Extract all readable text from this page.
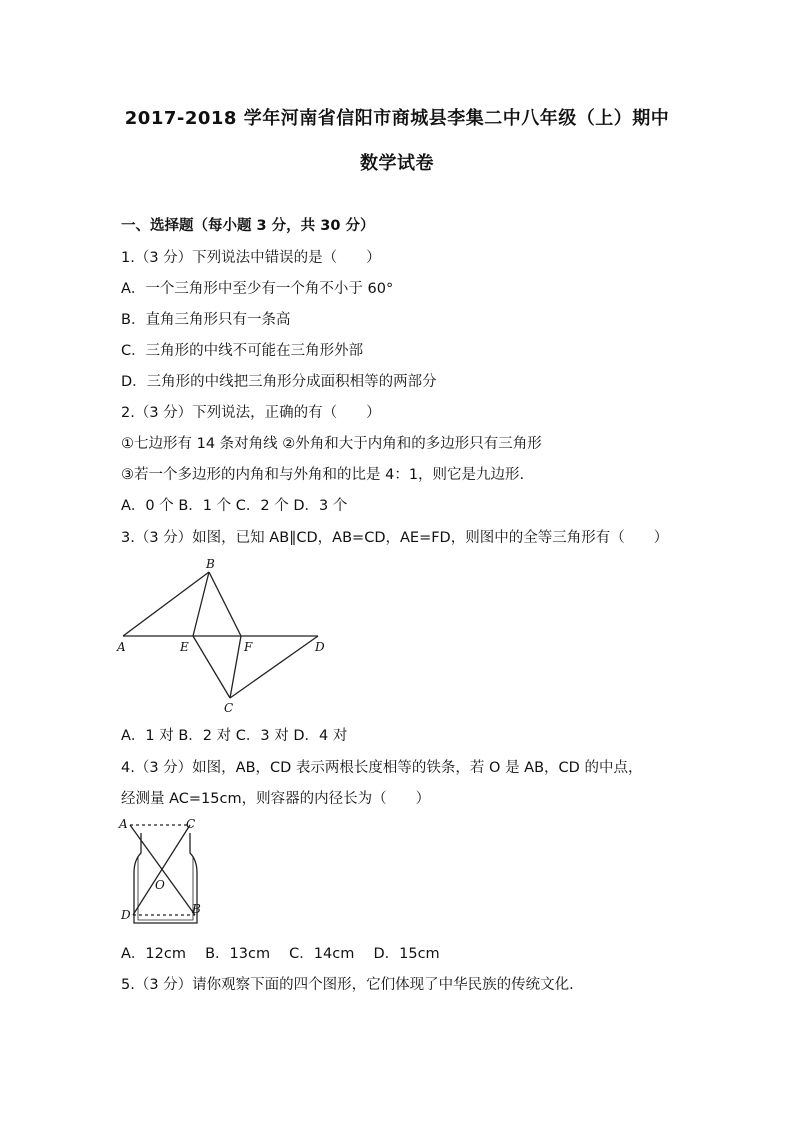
2017-2018 学年河南省信阳市商城县李集二中八年级（上）期中
数学试卷
一、选择题（每小题 3 分，共 30 分）
1.（3 分）下列说法中错误的是（　　）
A．一个三角形中至少有一个角不小于 60°
B．直角三角形只有一条高
C．三角形的中线不可能在三角形外部
D．三角形的中线把三角形分成面积相等的两部分
2.（3 分）下列说法，正确的有（　　）
①七边形有 14 条对角线 ②外角和大于内角和的多边形只有三角形
③若一个多边形的内角和与外角和的比是 4：1，则它是九边形.
A．0 个 B．1 个 C．2 个 D．3 个
3.（3 分）如图，已知 AB∥CD，AB=CD，AE=FD，则图中的全等三角形有（　　）
A
B
E	F	D
C
A．1 对 B．2 对 C．3 对 D．4 对
4.（3 分）如图，AB，CD 表示两根长度相等的铁条，若 O 是 AB，CD 的中点，
经测量 AC=15cm，则容器的内径长为（　　）
A	C
O
D	B
A．12cm　 B．13cm　 C．14cm　 D．15cm
5.（3 分）请你观察下面的四个图形，它们体现了中华民族的传统文化.
